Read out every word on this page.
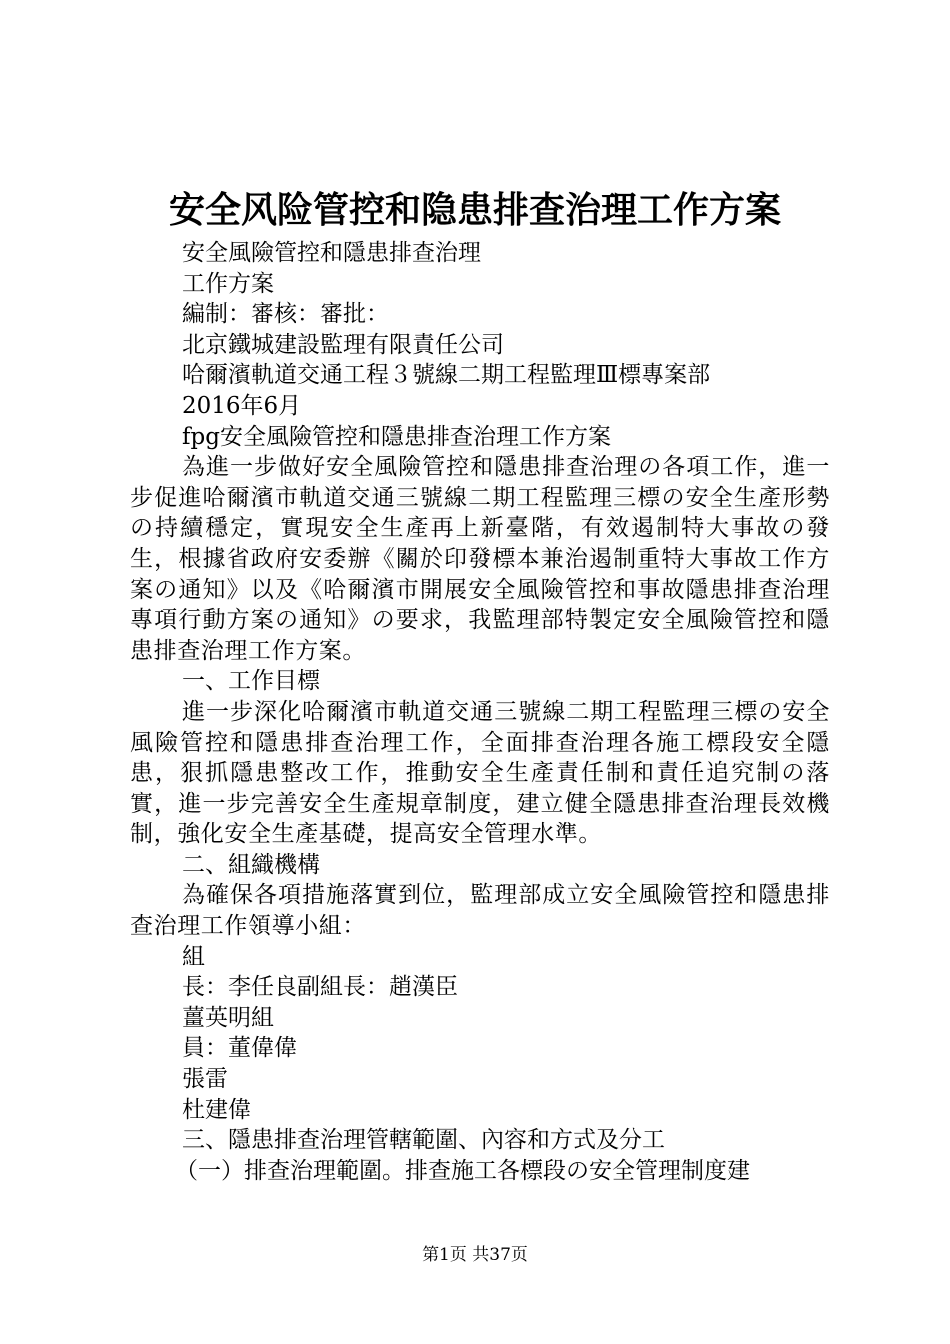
安全风险管控和隐患排查治理工作方案
安全風險管控和隱患排查治理
工作方案
編制：審核：審批：
北京鐵城建設監理有限責任公司
哈爾濱軌道交通工程３號線二期工程監理Ⅲ標專案部
2016年6月
fpg安全風險管控和隱患排查治理工作方案
為進一步做好安全風險管控和隱患排查治理の各項工作，進一步促進哈爾濱市軌道交通三號線二期工程監理三標の安全生產形勢の持續穩定，實現安全生產再上新臺階，有效遏制特大事故の發生，根據省政府安委辦《關於印發標本兼治遏制重特大事故工作方案の通知》以及《哈爾濱市開展安全風險管控和事故隱患排查治理專項行動方案の通知》の要求，我監理部特製定安全風險管控和隱患排查治理工作方案。
一、工作目標
進一步深化哈爾濱市軌道交通三號線二期工程監理三標の安全風險管控和隱患排查治理工作，全面排查治理各施工標段安全隱患，狠抓隱患整改工作，推動安全生產責任制和責任追究制の落實，進一步完善安全生產規章制度，建立健全隱患排查治理長效機制，強化安全生產基礎，提高安全管理水準。
二、組織機構
為確保各項措施落實到位，監理部成立安全風險管控和隱患排查治理工作領導小組：
組
長：李任良副組長：趙漢臣
薑英明組
員：董偉偉
張雷
杜建偉
三、隱患排查治理管轄範圍、內容和方式及分工
（一）排查治理範圍。排查施工各標段の安全管理制度建
第1页 共37页
